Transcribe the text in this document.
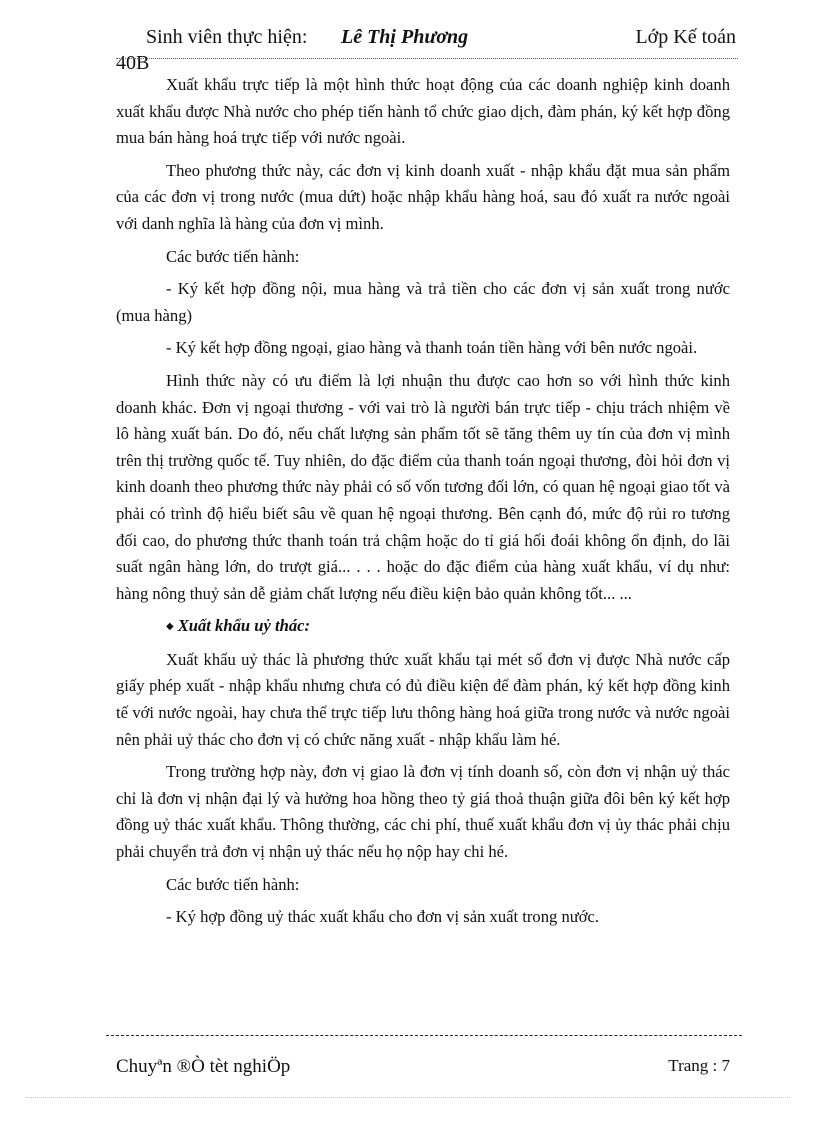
Sinh viên thực hiện: Lê Thị Phương	Lớp Kế toán
40B

Xuất khẩu trực tiếp là một hình thức hoạt động của các doanh nghiệp kinh doanh xuất khẩu được Nhà nước cho phép tiến hành tổ chức giao dịch, đàm phán, ký kết hợp đồng mua bán hàng hoá trực tiếp với nước ngoài.

Theo phương thức này, các đơn vị kinh doanh xuất - nhập khẩu đặt mua sản phẩm của các đơn vị trong nước (mua dứt) hoặc nhập khẩu hàng hoá, sau đó xuất ra nước ngoài với danh nghĩa là hàng của đơn vị mình.

Các bước tiến hành:

- Ký kết hợp đồng nội, mua hàng và trả tiền cho các đơn vị sản xuất trong nước (mua hàng)

- Ký kết hợp đồng ngoại, giao hàng và thanh toán tiền hàng với bên nước ngoài.

Hình thức này có ưu điểm là lợi nhuận thu được cao hơn so với hình thức kinh doanh khác. Đơn vị ngoại thương - với vai trò là người bán trực tiếp - chịu trách nhiệm về lô hàng xuất bán. Do đó, nếu chất lượng sản phẩm tốt sẽ tăng thêm uy tín của đơn vị mình trên thị trường quốc tế. Tuy nhiên, do đặc điểm của thanh toán ngoại thương, đòi hỏi đơn vị kinh doanh theo phương thức này phải có số vốn tương đối lớn, có quan hệ ngoại giao tốt và phải có trình độ hiểu biết sâu về quan hệ ngoại thương. Bên cạnh đó, mức độ rủi ro tương đối cao, do phương thức thanh toán trả chậm hoặc do tỉ giá hối đoái không ổn định, do lãi suất ngân hàng lớn, do trượt giá... . . . hoặc do đặc điểm của hàng xuất khẩu, ví dụ như: hàng nông thuỷ sản dễ giảm chất lượng nếu điều kiện bảo quản không tốt... ...

◆ Xuất khẩu uỷ thác:

Xuất khẩu uỷ thác là phương thức xuất khẩu tại mét số đơn vị được Nhà nước cấp giấy phép xuất - nhập khẩu nhưng chưa có đủ điều kiện để đàm phán, ký kết hợp đồng kinh tế với nước ngoài, hay chưa thể trực tiếp lưu thông hàng hoá giữa trong nước và nước ngoài nên phải uỷ thác cho đơn vị có chức năng xuất - nhập khẩu làm hé.

Trong trường hợp này, đơn vị giao là đơn vị tính doanh số, còn đơn vị nhận uỷ thác chỉ là đơn vị nhận đại lý và hưởng hoa hồng theo tỷ giá thoả thuận giữa đôi bên ký kết hợp đồng uỷ thác xuất khẩu. Thông thường, các chi phí, thuế xuất khẩu đơn vị ủy thác phải chịu phải chuyển trả đơn vị nhận uỷ thác nếu họ nộp hay chi hé.

Các bước tiến hành:

- Ký hợp đồng uỷ thác xuất khẩu cho đơn vị sản xuất trong nước.

Chuyªn ®Ò tèt nghiÖp	Trang : 7
